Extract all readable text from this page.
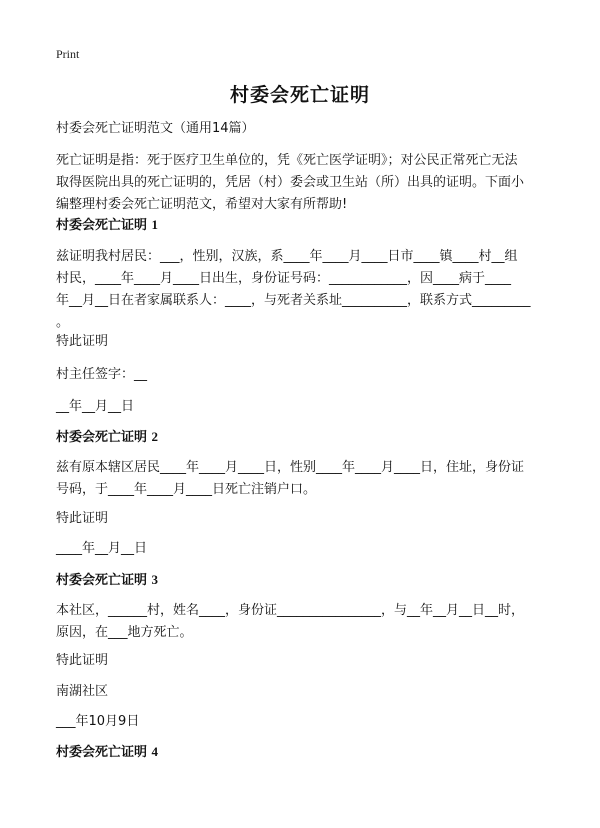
Print
村委会死亡证明
村委会死亡证明范文（通用14篇）
死亡证明是指：死于医疗卫生单位的，凭《死亡医学证明》；对公民正常死亡无法
取得医院出具的死亡证明的，凭居（村）委会或卫生站（所）出具的证明。下面小
编整理村委会死亡证明范文，希望对大家有所帮助!
村委会死亡证明 1
兹证明我村居民：___，性别，汉族，系____年____月____日市____镇____村__组
村民，____年____月____日出生，身份证号码：____________，因____病于____
年__月__日在者家属联系人：____，与死者关系址__________，联系方式_________
。
特此证明
村主任签字：__
__年__月__日
村委会死亡证明 2
兹有原本辖区居民____年____月____日，性别____年____月____日，住址，身份证
号码，于____年____月____日死亡注销户口。
特此证明
____年__月__日
村委会死亡证明 3
本社区，______村，姓名____，身份证________________，与__年__月__日__时，
原因，在___地方死亡。
特此证明
南湖社区
___年10月9日
村委会死亡证明 4
